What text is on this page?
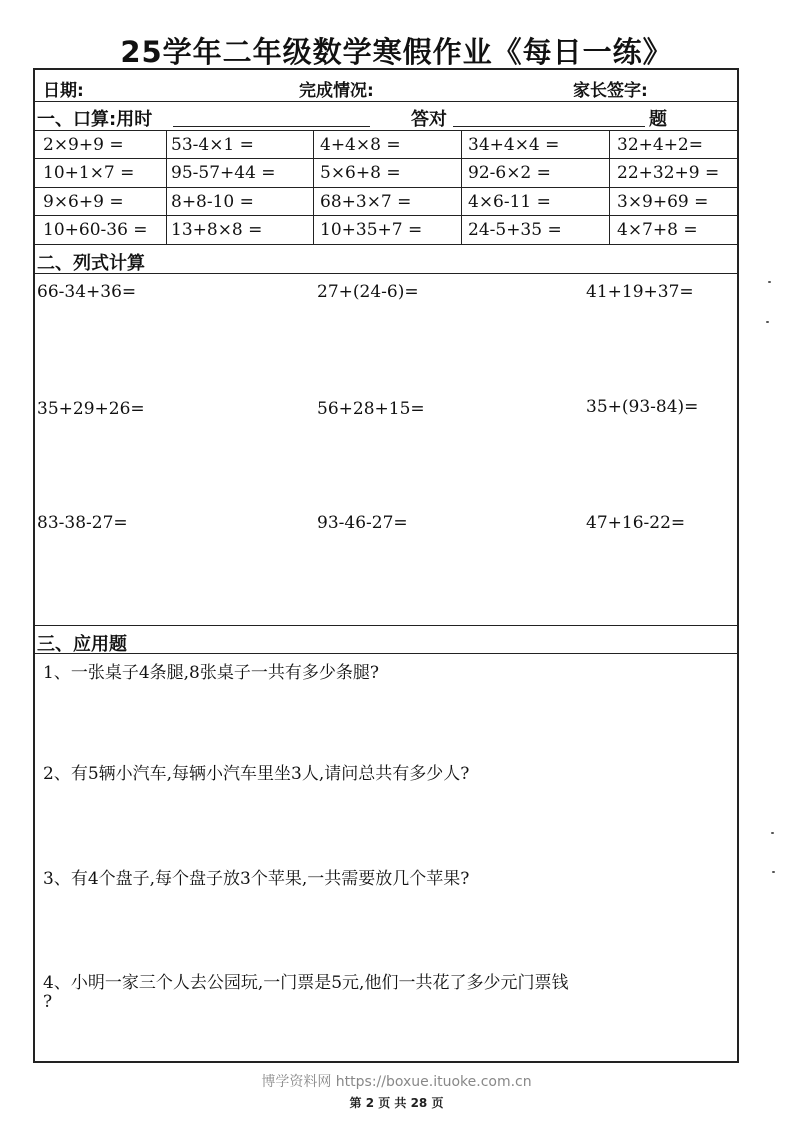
25学年二年级数学寒假作业《每日一练》
日期:	完成情况:	家长签字:
一、口算:用时	答对	题
2×9+9 =	53-4×1 =	4+4×8 =	34+4×4 =	32+4+2=
10+1×7 = 95-57+44 =	5×6+8 =	92-6×2 =	22+32+9 =
9×6+9 =	8+8-10 =	68+3×7 =	4×6-11 =	3×9+69 =
10+60-36 = 13+8×8 =	10+35+7 =	24-5+35 =	4×7+8 =
二、列式计算
66-34+36=	27+(24-6)=	41+19+37=
35+29+26=	56+28+15=	35+(93-84)=
83-38-27=	93-46-27=	47+16-22=
三、应用题
1、一张桌子4条腿,8张桌子一共有多少条腿?
2、有5辆小汽车,每辆小汽车里坐3人,请问总共有多少人?
3、有4个盘子,每个盘子放3个苹果,一共需要放几个苹果?
4、小明一家三个人去公园玩,一门票是5元,他们一共花了多少元门票钱
?
博学资料网 https://boxue.ituoke.com.cn
第 2 页 共 28 页
